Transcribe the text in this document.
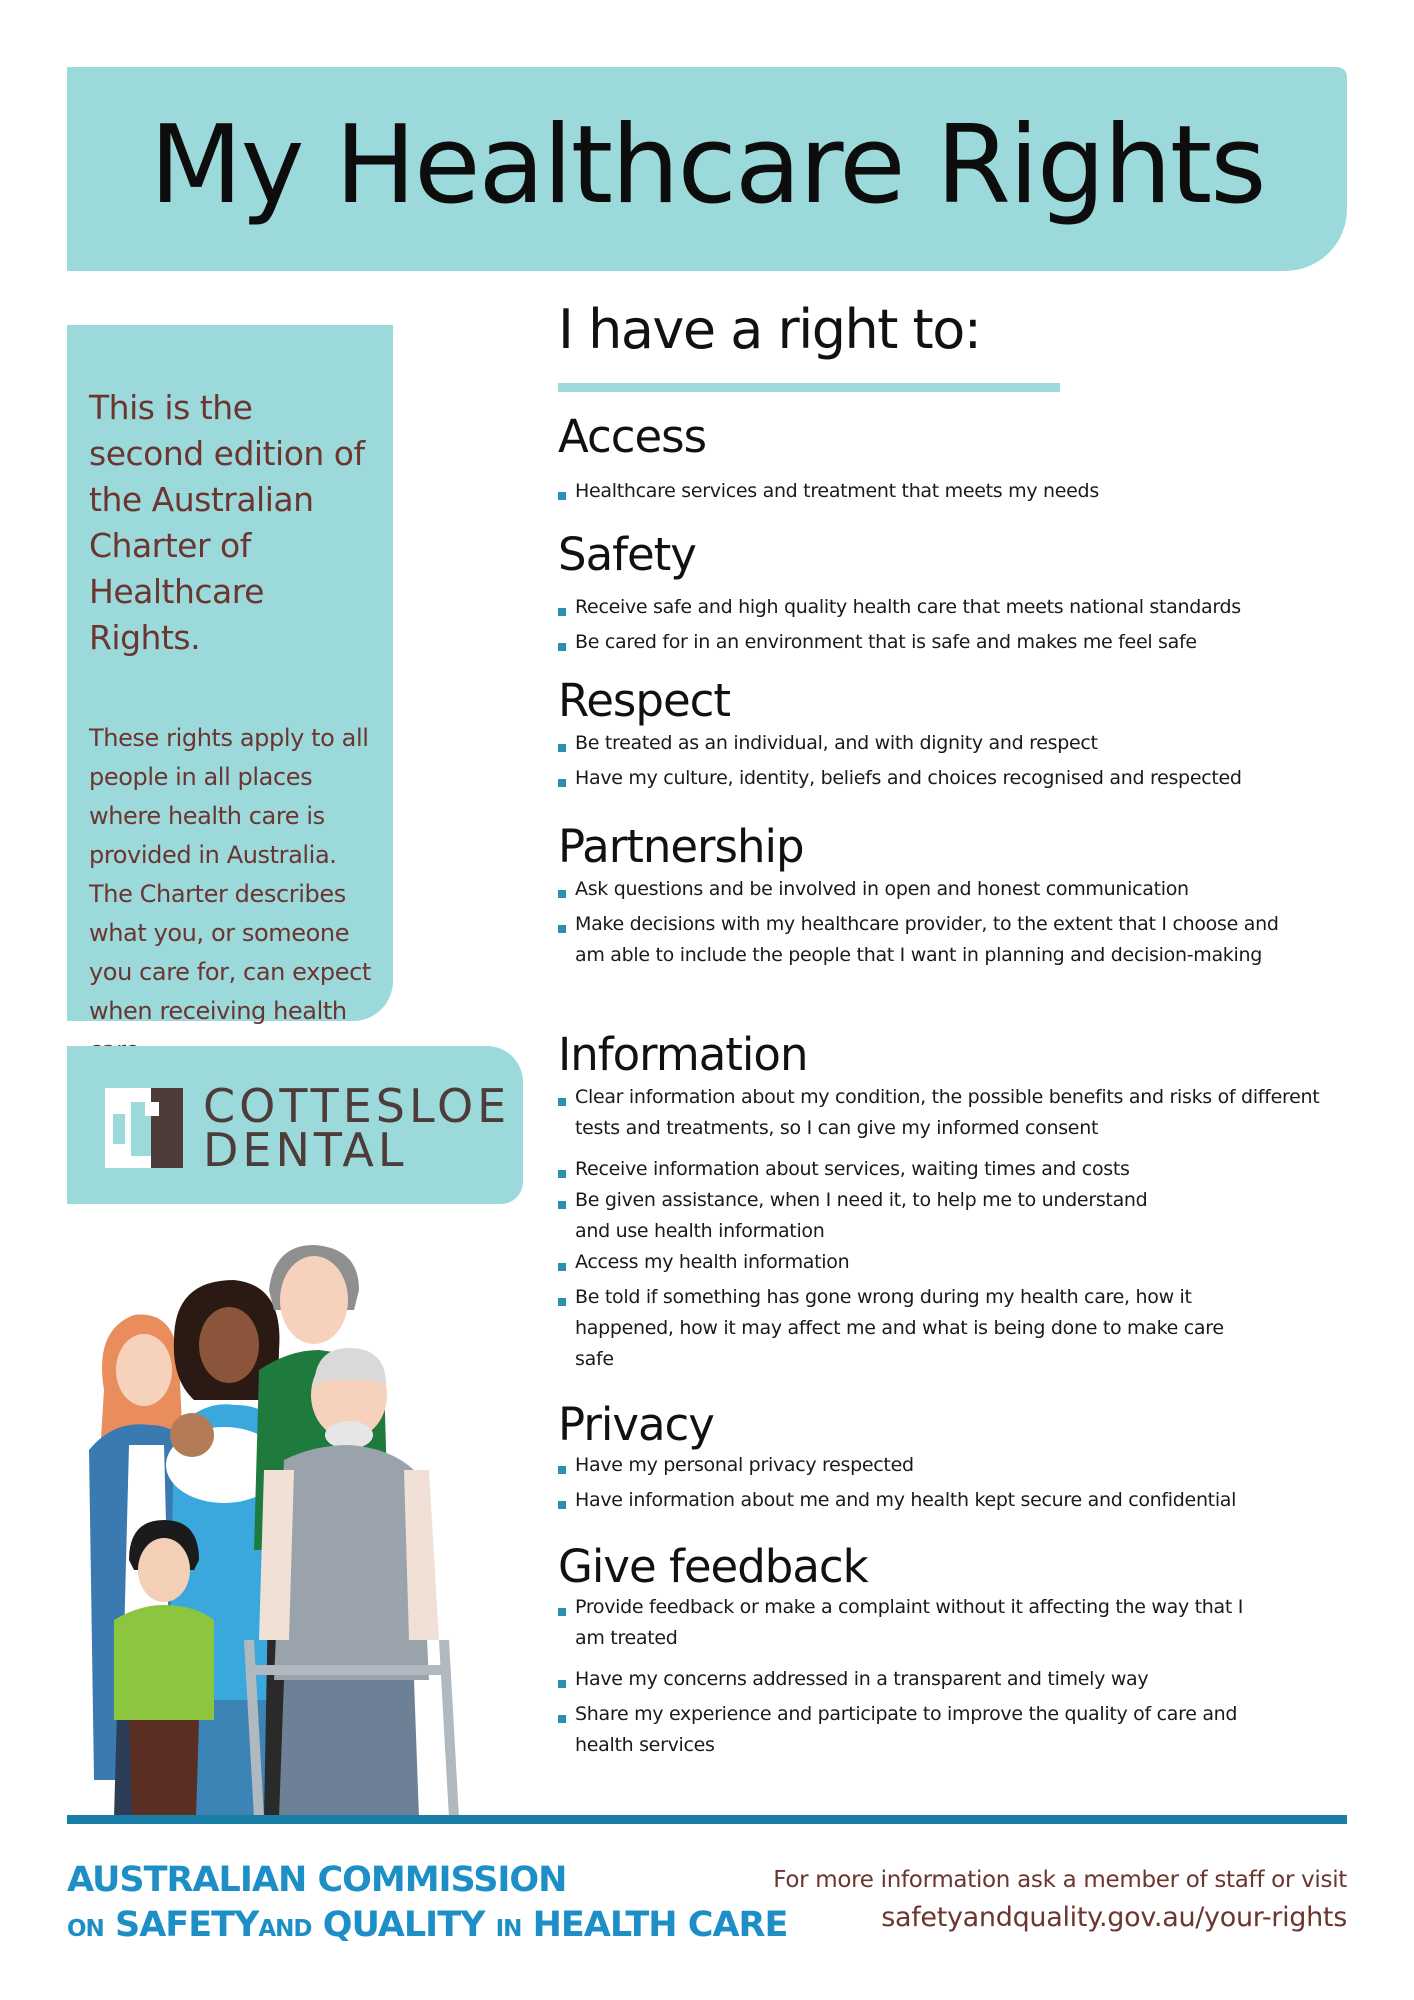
My Healthcare Rights

This is the second edition of the Australian Charter of Healthcare Rights.

These rights apply to all people in all places where health care is provided in Australia. The Charter describes what you, or someone you care for, can expect when receiving health

COTTESLOE
DENTAL
I have a right to:
Access
Healthcare services and treatment that meets my needs
Safety
Receive safe and high quality health care that meets national standards
Be cared for in an environment that is safe and makes me feel safe
Respect
Be treated as an individual, and with dignity and respect
Have my culture, identity, beliefs and choices recognised and respected
Partnership
Ask questions and be involved in open and honest communication
Make decisions with my healthcare provider, to the extent that I choose and am able to include the people that I want in planning and decision-making
Information
Clear information about my condition, the possible benefits and risks of different tests and treatments, so I can give my informed consent
Receive information about services, waiting times and costs
Be given assistance, when I need it, to help me to understand and use health information
Access my health information
Be told if something has gone wrong during my health care, how it happened, how it may affect me and what is being done to make care safe
Privacy
Have my personal privacy respected
Have information about me and my health kept secure and confidential
Give feedback
Provide feedback or make a complaint without it affecting the way that I am treated
Have my concerns addressed in a transparent and timely way
Share my experience and participate to improve the quality of care and health services
AUSTRALIAN COMMISSION
ON SAFETYAND QUALITY IN HEALTH CARE
For more information ask a member of staff or visit
safetyandquality.gov.au/your-rights
